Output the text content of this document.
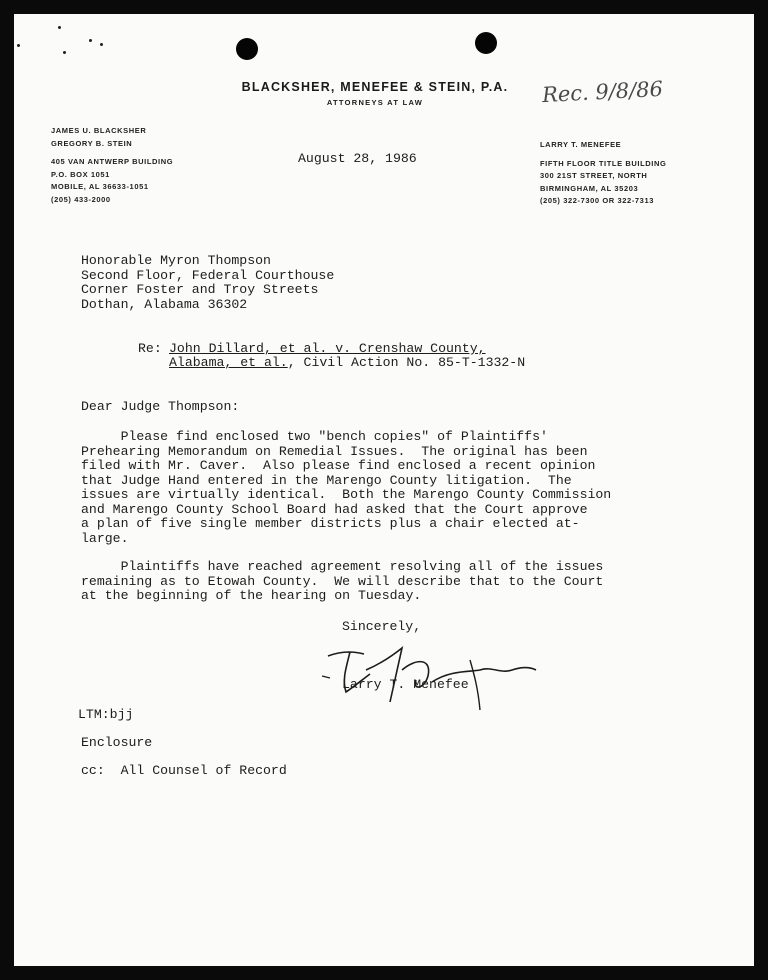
BLACKSHER, MENEFEE & STEIN, P.A.
ATTORNEYS AT LAW	Rec. 9/8/86
JAMES U. BLACKSHER
GREGORY B. STEIN
405 VAN ANTWERP BUILDING
P.O. BOX 1051
MOBILE, AL 36633-1051
(205) 433-2000
LARRY T. MENEFEE
FIFTH FLOOR TITLE BUILDING
300 21ST STREET, NORTH
BIRMINGHAM, AL 35203
(205) 322-7300 OR 322-7313
August 28, 1986
Honorable Myron Thompson
Second Floor, Federal Courthouse
Corner Foster and Troy Streets
Dothan, Alabama 36302
Re: John Dillard, et al. v. Crenshaw County,
Alabama, et al., Civil Action No. 85-T-1332-N
Dear Judge Thompson:
Please find enclosed two "bench copies" of Plaintiffs'
Prehearing Memorandum on Remedial Issues.  The original has been
filed with Mr. Caver.  Also please find enclosed a recent opinion
that Judge Hand entered in the Marengo County litigation.  The
issues are virtually identical.  Both the Marengo County Commission
and Marengo County School Board had asked that the Court approve
a plan of five single member districts plus a chair elected at-
large.
Plaintiffs have reached agreement resolving all of the issues
remaining as to Etowah County.  We will describe that to the Court
at the beginning of the hearing on Tuesday.
Sincerely,
Larry T. Menefee
LTM:bjj
Enclosure
cc:  All Counsel of Record
